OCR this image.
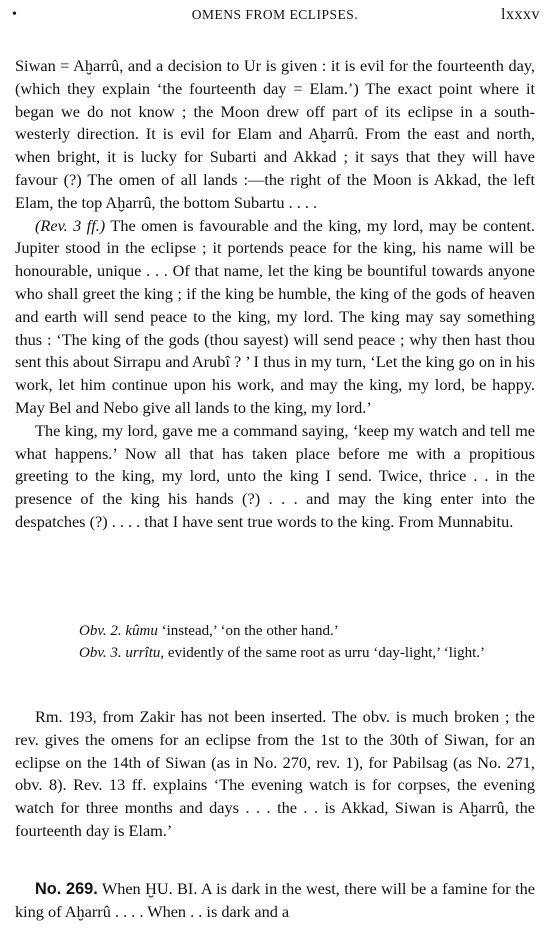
•	OMENS FROM ECLIPSES.	lxxxv

Siwan = Aḫarrû, and a decision to Ur is given : it is evil for the fourteenth day, (which they explain ‘the fourteenth day = Elam.’) The exact point where it began we do not know ; the Moon drew off part of its eclipse in a south-westerly direction. It is evil for Elam and Aḫarrû. From the east and north, when bright, it is lucky for Subarti and Akkad ; it says that they will have favour (?) The omen of all lands :—the right of the Moon is Akkad, the left Elam, the top Aḫarrû, the bottom Subartu . . . .

(Rev. 3 ff.) The omen is favourable and the king, my lord, may be content. Jupiter stood in the eclipse ; it portends peace for the king, his name will be honourable, unique . . . Of that name, let the king be bountiful towards anyone who shall greet the king ; if the king be humble, the king of the gods of heaven and earth will send peace to the king, my lord. The king may say something thus : ‘The king of the gods (thou sayest) will send peace ; why then hast thou sent this about Sirrapu and Arubî ? ’ I thus in my turn, ‘Let the king go on in his work, let him continue upon his work, and may the king, my lord, be happy. May Bel and Nebo give all lands to the king, my lord.’

The king, my lord, gave me a command saying, ‘keep my watch and tell me what happens.’ Now all that has taken place before me with a propitious greeting to the king, my lord, unto the king I send. Twice, thrice . . in the presence of the king his hands (?) . . . and may the king enter into the despatches (?) . . . . that I have sent true words to the king. From Munnabitu.

Obv. 2. kûmu ‘instead,’ ‘on the other hand.’

Obv. 3. urrîtu, evidently of the same root as urru ‘day-light,’ ‘light.’

Rm. 193, from Zakir has not been inserted. The obv. is much broken ; the rev. gives the omens for an eclipse from the 1st to the 30th of Siwan, for an eclipse on the 14th of Siwan (as in No. 270, rev. 1), for Pabilsag (as No. 271, obv. 8). Rev. 13 ff. explains ‘The evening watch is for corpses, the evening watch for three months and days . . . the . . is Akkad, Siwan is Aḫarrû, the fourteenth day is Elam.’

No. 269. When ḪU. BI. A is dark in the west, there will be a famine for the king of Aḫarrû . . . . When . . is dark and a
